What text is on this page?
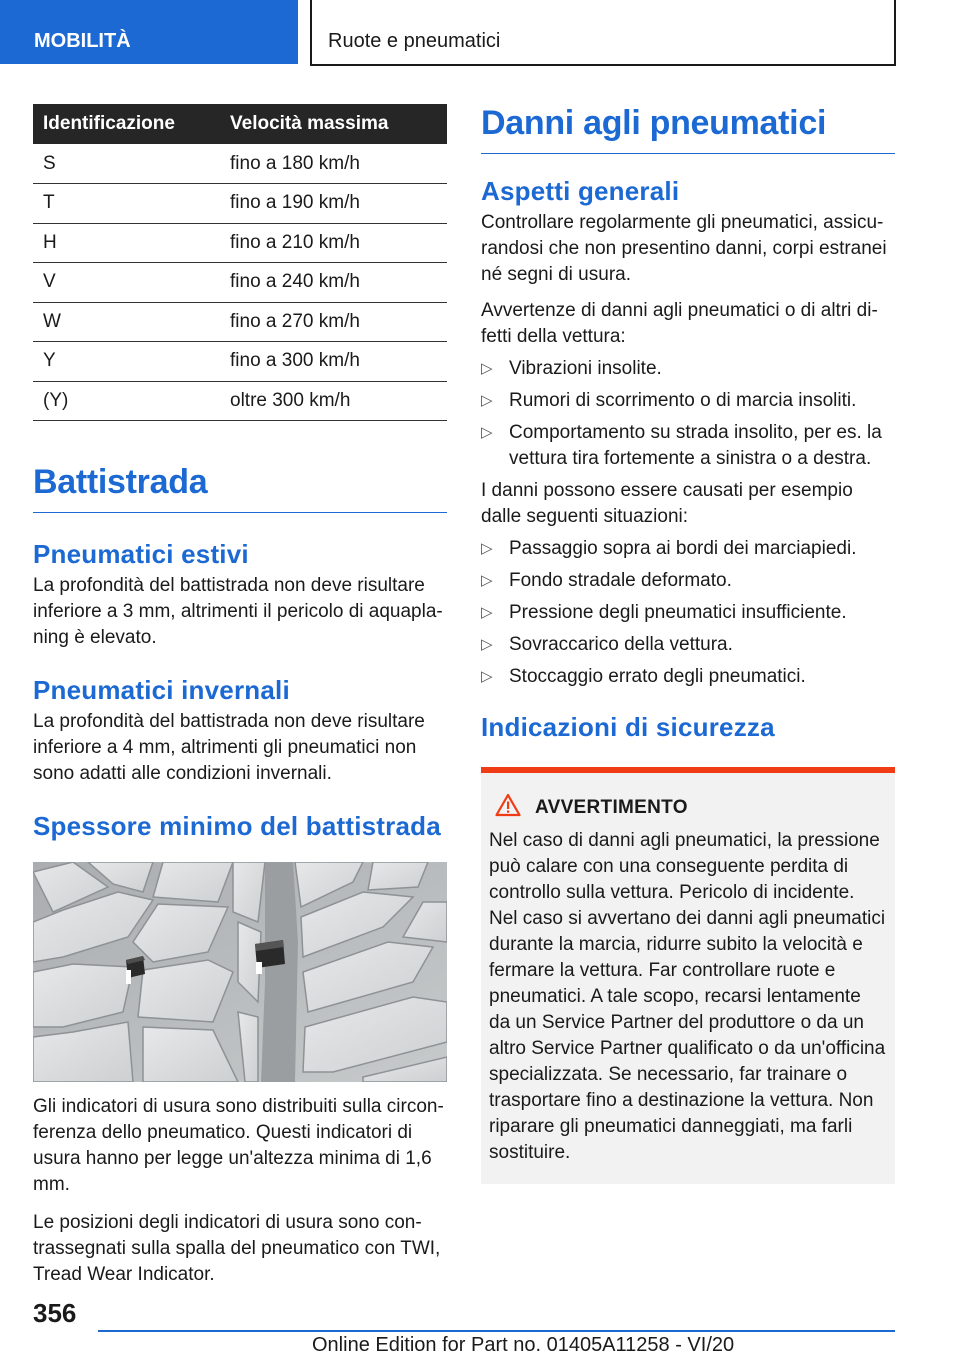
MOBILITÀ	Ruote e pneumatici
Identificazione	Velocità massima
S	fino a 180 km/h
T	fino a 190 km/h
H	fino a 210 km/h
V	fino a 240 km/h
W	fino a 270 km/h
Y	fino a 300 km/h
(Y)	oltre 300 km/h
Battistrada
Pneumatici estivi

La profondità del battistrada non deve risultare inferiore a 3 mm, altrimenti il pericolo di aquaplaning è elevato.

Pneumatici invernali

La profondità del battistrada non deve risultare inferiore a 4 mm, altrimenti gli pneumatici non sono adatti alle condizioni invernali.

Spessore minimo del battistrada

Gli indicatori di usura sono distribuiti sulla circonferenza dello pneumatico. Questi indicatori di usura hanno per legge un'altezza minima di 1,6 mm.

Le posizioni degli indicatori di usura sono contrassegnati sulla spalla del pneumatico con TWI, Tread Wear Indicator.

Danni agli pneumatici
Aspetti generali

Controllare regolarmente gli pneumatici, assicurandosi che non presentino danni, corpi estranei né segni di usura.

Avvertenze di danni agli pneumatici o di altri difetti della vettura:

▷ Vibrazioni insolite.
▷ Rumori di scorrimento o di marcia insoliti.
▷ Comportamento su strada insolito, per es. la vettura tira fortemente a sinistra o a destra.

I danni possono essere causati per esempio dalle seguenti situazioni:

▷ Passaggio sopra ai bordi dei marciapiedi.
▷ Fondo stradale deformato.
▷ Pressione degli pneumatici insufficiente.
▷ Sovraccarico della vettura.
▷ Stoccaggio errato degli pneumatici.
Indicazioni di sicurezza
AVVERTIMENTO

Nel caso di danni agli pneumatici, la pressione può calare con una conseguente perdita di controllo sulla vettura. Pericolo di incidente. Nel caso si avvertano dei danni agli pneumatici durante la marcia, ridurre subito la velocità e fermare la vettura. Far controllare ruote e pneumatici. A tale scopo, recarsi lentamente da un Service Partner del produttore o da un altro Service Partner qualificato o da un'officina specializzata. Se necessario, far trainare o trasportare fino a destinazione la vettura. Non riparare gli pneumatici danneggiati, ma farli sostituire.

356
Online Edition for Part no. 01405A11258 - VI/20
